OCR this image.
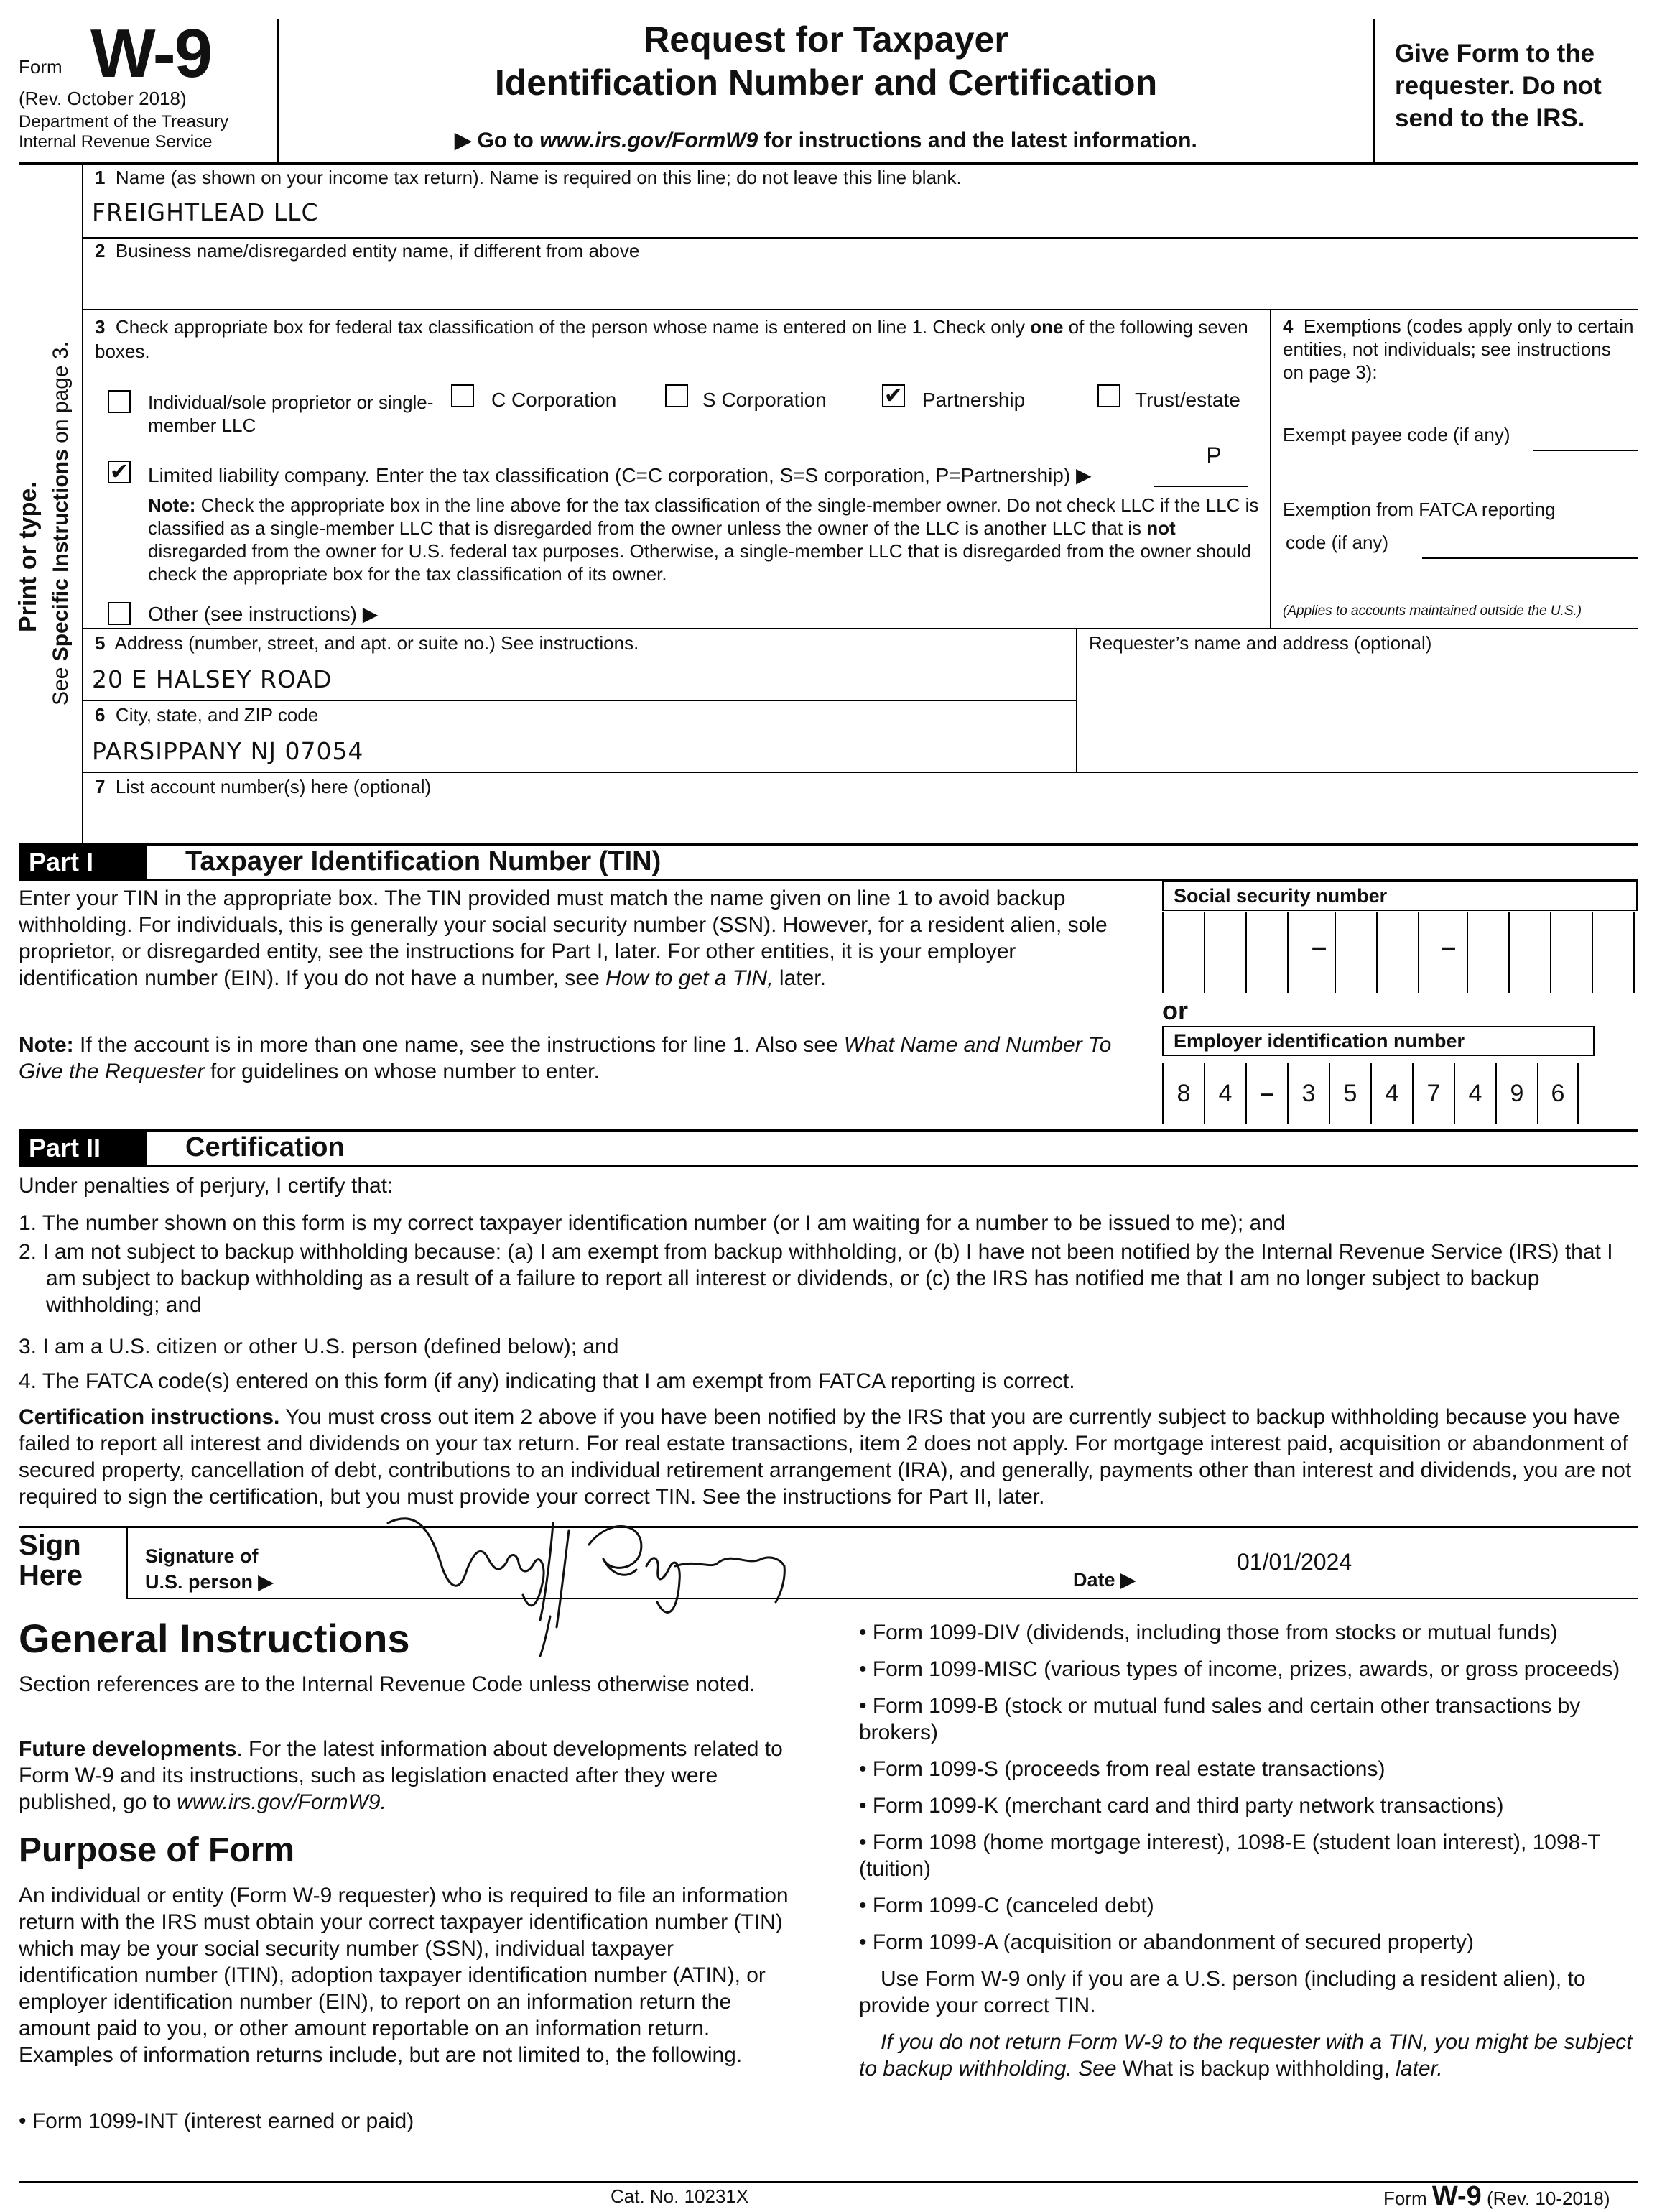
Form W-9
(Rev. October 2018)
Department of the Treasury
Internal Revenue Service
Request for Taxpayer
Identification Number and Certification
▶ Go to www.irs.gov/FormW9 for instructions and the latest information.
Give Form to the requester. Do not send to the IRS.
Print or type.
See Specific Instructions on page 3.
1 Name (as shown on your income tax return). Name is required on this line; do not leave this line blank.
FREIGHTLEAD LLC
2 Business name/disregarded entity name, if different from above
3 Check appropriate box for federal tax classification of the person whose name is entered on line 1. Check only one of the following seven boxes.
Individual/sole proprietor or single-member LLC
C Corporation	S Corporation ✔ Partnership	Trust/estate
✔ Limited liability company. Enter the tax classification (C=C corporation, S=S corporation, P=Partnership) ▶
P
Note: Check the appropriate box in the line above for the tax classification of the single-member owner. Do not check LLC if the LLC is classified as a single-member LLC that is disregarded from the owner unless the owner of the LLC is another LLC that is not disregarded from the owner for U.S. federal tax purposes. Otherwise, a single-member LLC that is disregarded from the owner should check the appropriate box for the tax classification of its owner.
Other (see instructions) ▶
4 Exemptions (codes apply only to certain entities, not individuals; see instructions on page 3):
Exempt payee code (if any)
Exemption from FATCA reporting
code (if any)
(Applies to accounts maintained outside the U.S.)
5 Address (number, street, and apt. or suite no.) See instructions.
20 E HALSEY ROAD
Requester’s name and address (optional)
6 City, state, and ZIP code
PARSIPPANY NJ 07054
7 List account number(s) here (optional)
Part I	Taxpayer Identification Number (TIN)
Enter your TIN in the appropriate box. The TIN provided must match the name given on line 1 to avoid backup withholding. For individuals, this is generally your social security number (SSN). However, for a resident alien, sole proprietor, or disregarded entity, see the instructions for Part I, later. For other entities, it is your employer identification number (EIN). If you do not have a number, see How to get a TIN, later.
Note: If the account is in more than one name, see the instructions for line 1. Also see What Name and Number To Give the Requester for guidelines on whose number to enter.
Social security number
–	–
or
Employer identification number
8	4	–	3	5	4	7	4	9	6
Part II	Certification
Under penalties of perjury, I certify that:
1. The number shown on this form is my correct taxpayer identification number (or I am waiting for a number to be issued to me); and
2. I am not subject to backup withholding because: (a) I am exempt from backup withholding, or (b) I have not been notified by the Internal Revenue Service (IRS) that I am subject to backup withholding as a result of a failure to report all interest or dividends, or (c) the IRS has notified me that I am no longer subject to backup withholding; and
3. I am a U.S. citizen or other U.S. person (defined below); and
4. The FATCA code(s) entered on this form (if any) indicating that I am exempt from FATCA reporting is correct.
Certification instructions. You must cross out item 2 above if you have been notified by the IRS that you are currently subject to backup withholding because you have failed to report all interest and dividends on your tax return. For real estate transactions, item 2 does not apply. For mortgage interest paid, acquisition or abandonment of secured property, cancellation of debt, contributions to an individual retirement arrangement (IRA), and generally, payments other than interest and dividends, you are not required to sign the certification, but you must provide your correct TIN. See the instructions for Part II, later.
Sign
Here
Signature of
U.S. person ▶	Date ▶
01/01/2024
General Instructions
Section references are to the Internal Revenue Code unless otherwise noted.
Future developments. For the latest information about developments related to Form W-9 and its instructions, such as legislation enacted after they were published, go to www.irs.gov/FormW9.
Purpose of Form
An individual or entity (Form W-9 requester) who is required to file an information return with the IRS must obtain your correct taxpayer identification number (TIN) which may be your social security number (SSN), individual taxpayer identification number (ITIN), adoption taxpayer identification number (ATIN), or employer identification number (EIN), to report on an information return the amount paid to you, or other amount reportable on an information return. Examples of information returns include, but are not limited to, the following.
• Form 1099-INT (interest earned or paid)
• Form 1099-DIV (dividends, including those from stocks or mutual funds)
• Form 1099-MISC (various types of income, prizes, awards, or gross proceeds)
• Form 1099-B (stock or mutual fund sales and certain other transactions by brokers)
• Form 1099-S (proceeds from real estate transactions)
• Form 1099-K (merchant card and third party network transactions)
• Form 1098 (home mortgage interest), 1098-E (student loan interest), 1098-T (tuition)
• Form 1099-C (canceled debt)
• Form 1099-A (acquisition or abandonment of secured property)
Use Form W-9 only if you are a U.S. person (including a resident alien), to provide your correct TIN.
If you do not return Form W-9 to the requester with a TIN, you might be subject to backup withholding. See What is backup withholding, later.
Cat. No. 10231X	Form W-9 (Rev. 10-2018)
